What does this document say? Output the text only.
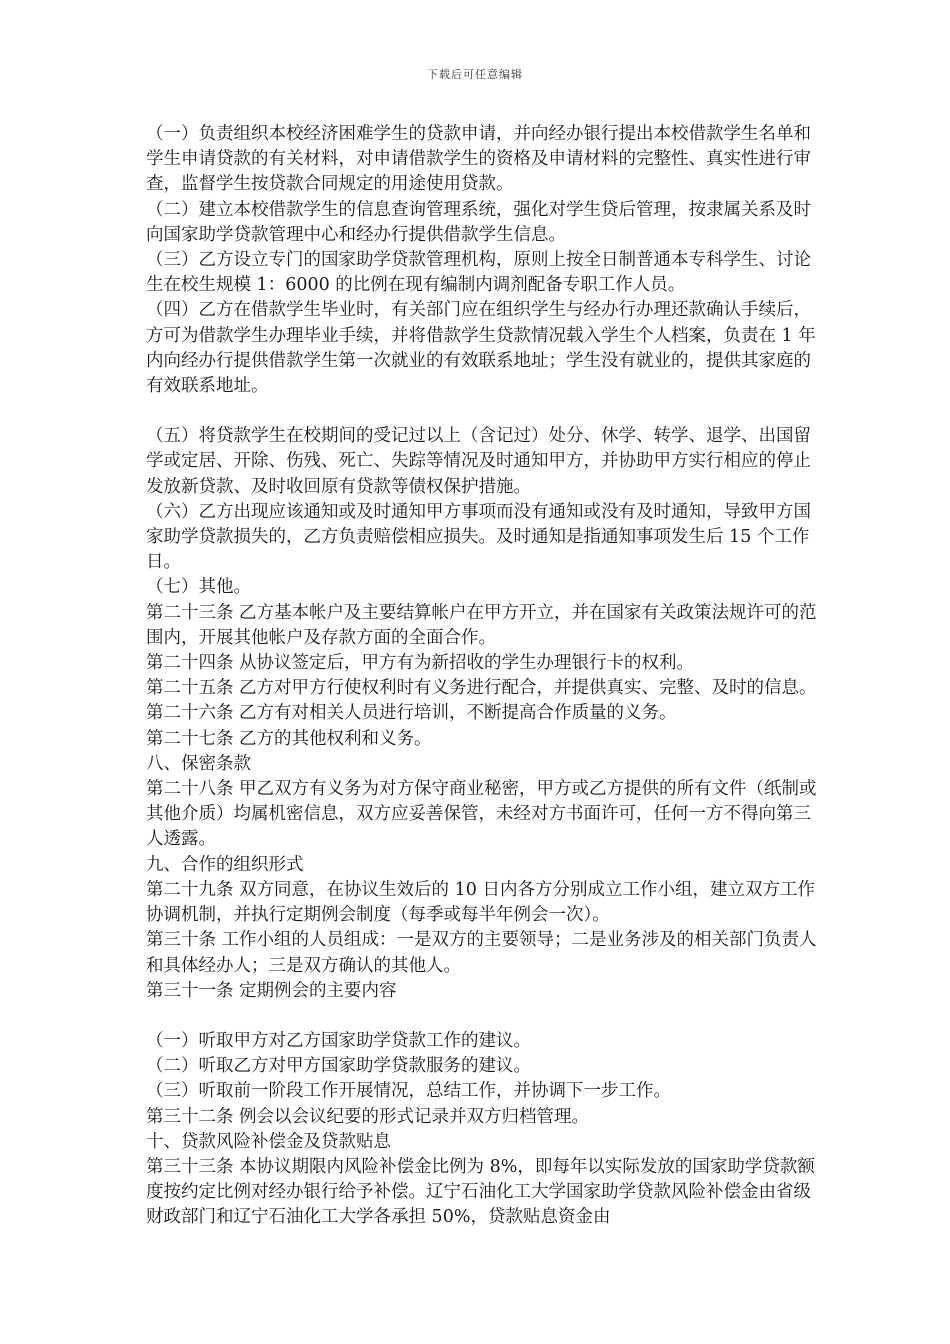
下载后可任意编辑

（一）负责组织本校经济困难学生的贷款申请，并向经办银行提出本校借款学生名单和学生申请贷款的有关材料，对申请借款学生的资格及申请材料的完整性、真实性进行审查，监督学生按贷款合同规定的用途使用贷款。

（二）建立本校借款学生的信息查询管理系统，强化对学生贷后管理，按隶属关系及时向国家助学贷款管理中心和经办行提供借款学生信息。

（三）乙方设立专门的国家助学贷款管理机构，原则上按全日制普通本专科学生、讨论生在校生规模 1：6000 的比例在现有编制内调剂配备专职工作人员。

（四）乙方在借款学生毕业时，有关部门应在组织学生与经办行办理还款确认手续后，方可为借款学生办理毕业手续，并将借款学生贷款情况载入学生个人档案，负责在 1 年内向经办行提供借款学生第一次就业的有效联系地址；学生没有就业的，提供其家庭的有效联系地址。

（五）将贷款学生在校期间的受记过以上（含记过）处分、休学、转学、退学、出国留学或定居、开除、伤残、死亡、失踪等情况及时通知甲方，并协助甲方实行相应的停止发放新贷款、及时收回原有贷款等债权保护措施。

（六）乙方出现应该通知或及时通知甲方事项而没有通知或没有及时通知，导致甲方国家助学贷款损失的，乙方负责赔偿相应损失。及时通知是指通知事项发生后 15 个工作日。

（七）其他。

第二十三条 乙方基本帐户及主要结算帐户在甲方开立，并在国家有关政策法规许可的范围内，开展其他帐户及存款方面的全面合作。

第二十四条 从协议签定后，甲方有为新招收的学生办理银行卡的权利。

第二十五条 乙方对甲方行使权利时有义务进行配合，并提供真实、完整、及时的信息。 第二十六条 乙方有对相关人员进行培训，不断提高合作质量的义务。

第二十七条 乙方的其他权利和义务。

八、保密条款

第二十八条 甲乙双方有义务为对方保守商业秘密，甲方或乙方提供的所有文件（纸制或其他介质）均属机密信息，双方应妥善保管，未经对方书面许可，任何一方不得向第三人透露。

九、合作的组织形式

第二十九条 双方同意，在协议生效后的 10 日内各方分别成立工作小组，建立双方工作协调机制，并执行定期例会制度（每季或每半年例会一次）。

第三十条 工作小组的人员组成：一是双方的主要领导；二是业务涉及的相关部门负责人和具体经办人；三是双方确认的其他人。

第三十一条 定期例会的主要内容

（一）听取甲方对乙方国家助学贷款工作的建议。

（二）听取乙方对甲方国家助学贷款服务的建议。

（三）听取前一阶段工作开展情况，总结工作，并协调下一步工作。

第三十二条 例会以会议纪要的形式记录并双方归档管理。

十、贷款风险补偿金及贷款贴息

第三十三条 本协议期限内风险补偿金比例为 8%，即每年以实际发放的国家助学贷款额度按约定比例对经办银行给予补偿。辽宁石油化工大学国家助学贷款风险补偿金由省级财政部门和辽宁石油化工大学各承担 50%，贷款贴息资金由
